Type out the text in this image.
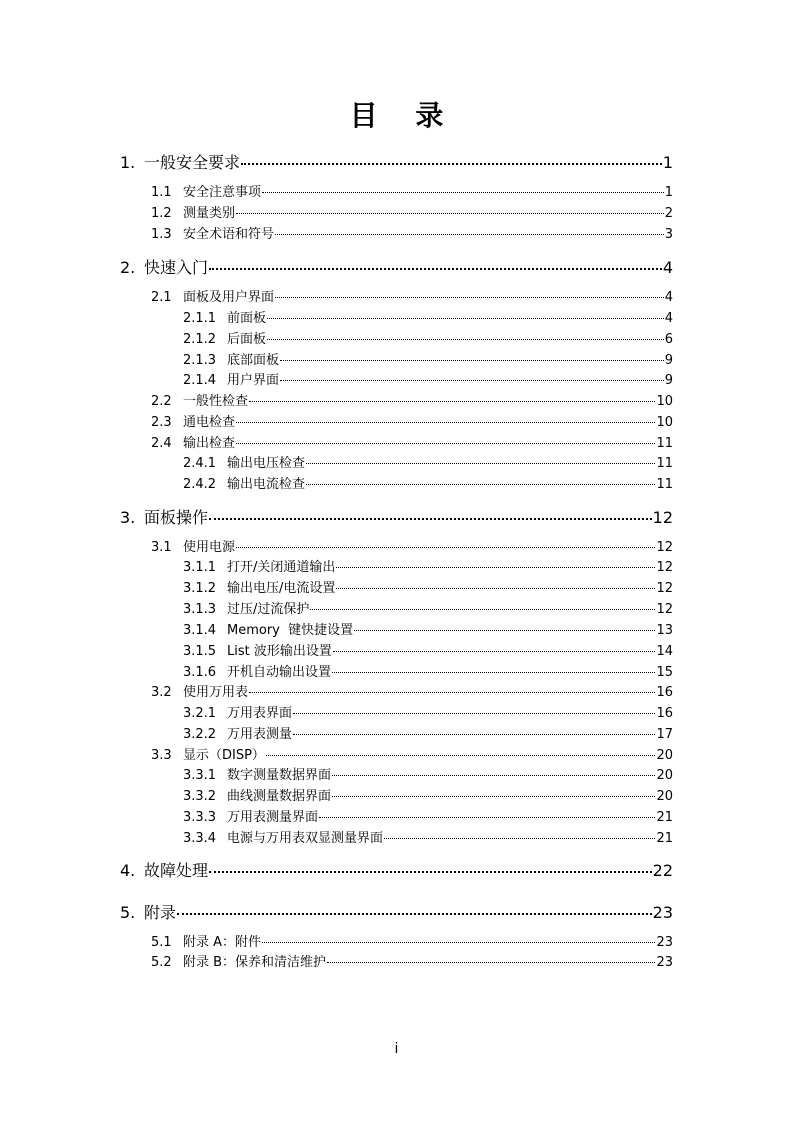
目 录
1. 一般安全要求	1
1.1 安全注意事项	1
1.2 测量类别	2
1.3 安全术语和符号	3
2. 快速入门	4
2.1 面板及用户界面	4
2.1.1 前面板	4
2.1.2 后面板	6
2.1.3 底部面板	9
2.1.4 用户界面	9
2.2 一般性检查	10
2.3 通电检查	10
2.4 输出检查	11
2.4.1 输出电压检查	11
2.4.2 输出电流检查	11
3. 面板操作	12
3.1 使用电源	12
3.1.1 打开/关闭通道输出	12
3.1.2 输出电压/电流设置	12
3.1.3 过压/过流保护	12
3.1.4 Memory  键快捷设置	13
3.1.5 List 波形输出设置	14
3.1.6 开机自动输出设置	15
3.2 使用万用表	16
3.2.1 万用表界面	16
3.2.2 万用表测量	17
3.3 显示（DISP）	20
3.3.1 数字测量数据界面	20
3.3.2 曲线测量数据界面	20
3.3.3 万用表测量界面	21
3.3.4 电源与万用表双显测量界面	21
4. 故障处理	22
5. 附录	23
5.1 附录 A：附件	23
5.2 附录 B：保养和清洁维护	23
i
